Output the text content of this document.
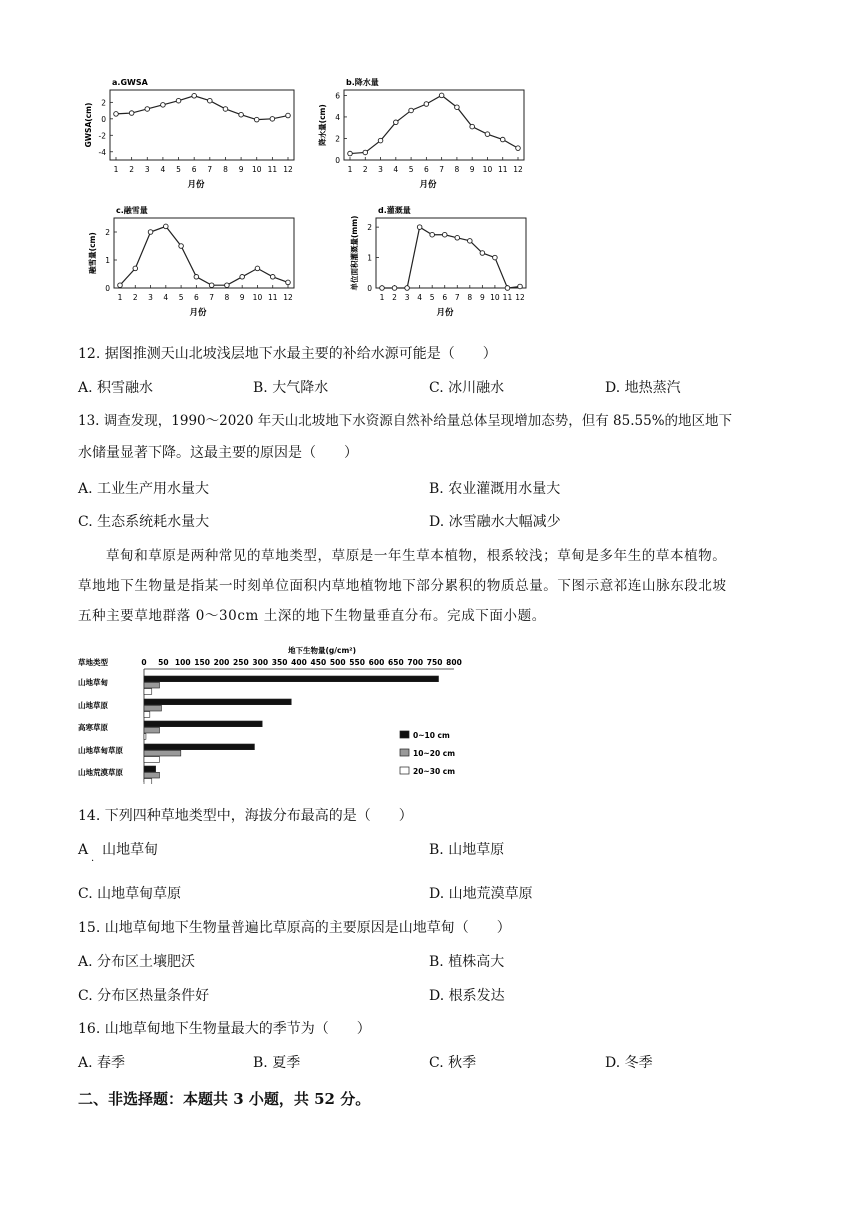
a.GWSA
2
0
-2
-4
GWSA(cm)
1 2 3 4 5 6 7 8 9 10 11 12
月份
b.降水量
6
4
2
0
降水量(cm)
1 2 3 4 5 6 7 8 9 10 11 12
月份
c.融雪量
2
1
0
融雪量(cm)
1 2 3 4 5 6 7 8 9 10 11 12
月份
d.灌溉量
2
1
0
单位面积灌溉量(mm)
1 2 3 4 5 6 7 8 9 10 11 12
月份
12. 据图推测天山北坡浅层地下水最主要的补给水源可能是（　　）
A. 积雪融水	B. 大气降水	C. 冰川融水	D. 地热蒸汽
13. 调查发现，1990～2020 年天山北坡地下水资源自然补给量总体呈现增加态势，但有 85.55%的地区地下
水储量显著下降。这最主要的原因是（　　）
A. 工业生产用水量大	B. 农业灌溉用水量大
C. 生态系统耗水量大	D. 冰雪融水大幅减少

草甸和草原是两种常见的草地类型，草原是一年生草本植物，根系较浅；草甸是多年生的草本植物。

草地地下生物量是指某一时刻单位面积内草地植物地下部分累积的物质总量。下图示意祁连山脉东段北坡

五种主要草地群落 0～30cm 土深的地下生物量垂直分布。完成下面小题。

地下生物量(g/cm²)
草地类型	0 50 100 150 200 250 300 350 400 450 500 550 600 650 700 750 800
山地草甸
山地草原
高寒草原
山地草甸草原
山地荒漠草原
0~10 cm
10~20 cm
20~30 cm
14. 下列四种草地类型中，海拔分布最高的是（　　）
A　山地草甸
·
B. 山地草原
C. 山地草甸草原	D. 山地荒漠草原
15. 山地草甸地下生物量普遍比草原高的主要原因是山地草甸（　　）
A. 分布区土壤肥沃	B. 植株高大
C. 分布区热量条件好	D. 根系发达
16. 山地草甸地下生物量最大的季节为（　　）
A. 春季	B. 夏季	C. 秋季	D. 冬季
二、非选择题：本题共 3 小题，共 52 分。
